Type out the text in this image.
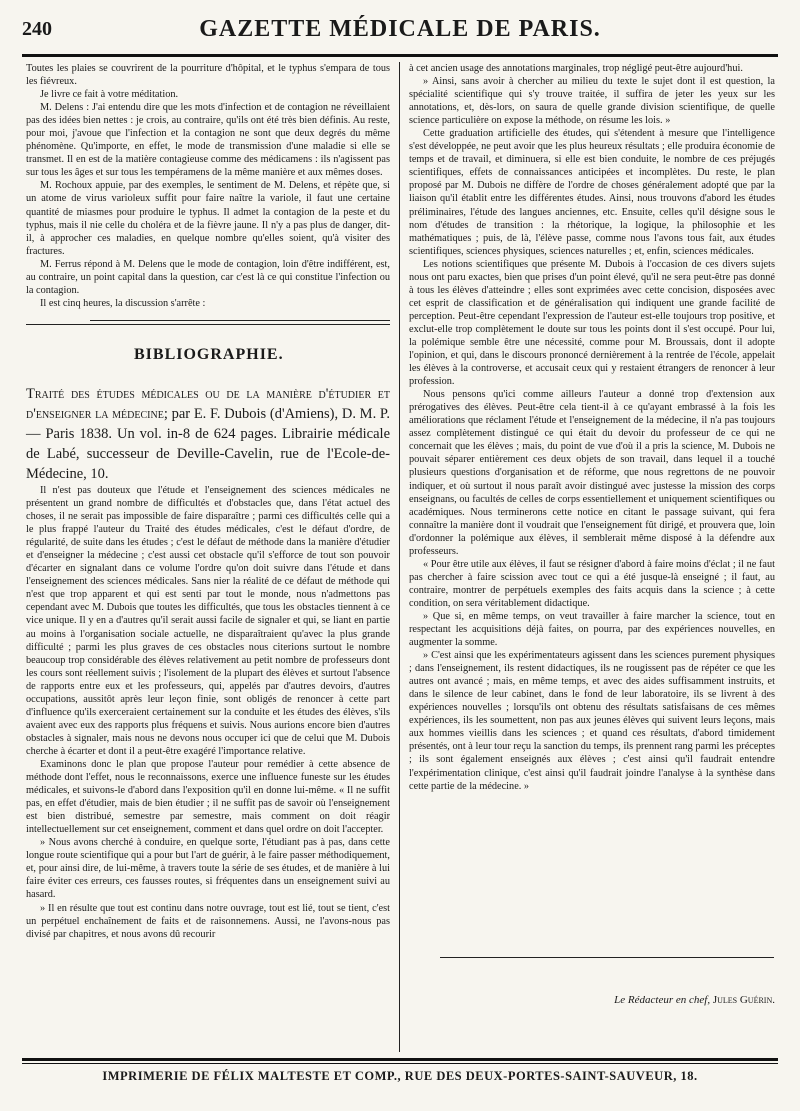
240	GAZETTE MÉDICALE DE PARIS.

Toutes les plaies se couvrirent de la pourriture d'hôpital, et le typhus s'empara de tous les fiévreux.

Je livre ce fait à votre méditation.

M. Delens : J'ai entendu dire que les mots d'infection et de contagion ne réveillaient pas des idées bien nettes : je crois, au contraire, qu'ils ont été très bien définis. Au reste, pour moi, j'avoue que l'infection et la contagion ne sont que deux degrés du même phénomène. Qu'importe, en effet, le mode de transmission d'une maladie si elle se transmet. Il en est de la matière contagieuse comme des médicamens : ils n'agissent pas sur tous les âges et sur tous les tempéramens de la même manière et aux mêmes doses.

M. Rochoux appuie, par des exemples, le sentiment de M. Delens, et répète que, si un atome de virus varioleux suffit pour faire naître la variole, il faut une certaine quantité de miasmes pour produire le typhus. Il admet la contagion de la peste et du typhus, mais il nie celle du choléra et de la fièvre jaune. Il n'y a pas plus de danger, dit-il, à approcher ces maladies, en quelque nombre qu'elles soient, qu'à visiter des fractures.

M. Ferrus répond à M. Delens que le mode de contagion, loin d'être indifférent, est, au contraire, un point capital dans la question, car c'est là ce qui constitue l'infection ou la contagion.

Il est cinq heures, la discussion s'arrête :

BIBLIOGRAPHIE.
Traité des études médicales ou de la manière d'étudier et d'enseigner la médecine; par E. F. Dubois (d'Amiens), D. M. P. — Paris 1838. Un vol. in-8 de 624 pages. Librairie médicale de Labé, successeur de Deville-Cavelin, rue de l'Ecole-de-Médecine, 10.

Il n'est pas douteux que l'étude et l'enseignement des sciences médicales ne présentent un grand nombre de difficultés et d'obstacles que, dans l'état actuel des choses, il ne serait pas impossible de faire disparaître ; parmi ces difficultés celle qui a le plus frappé l'auteur du Traité des études médicales, c'est le défaut d'ordre, de régularité, de suite dans les études ; c'est le défaut de méthode dans la manière d'étudier et d'enseigner la médecine ; c'est aussi cet obstacle qu'il s'efforce de tout son pouvoir d'écarter en signalant dans ce volume l'ordre qu'on doit suivre dans l'étude et dans l'enseignement des sciences médicales. Sans nier la réalité de ce défaut de méthode qui n'est que trop apparent et qui est senti par tout le monde, nous n'admettons pas cependant avec M. Dubois que toutes les difficultés, que tous les obstacles tiennent à ce vice unique. Il y en a d'autres qu'il serait aussi facile de signaler et qui, se liant en partie au moins à l'organisation sociale actuelle, ne disparaîtraient qu'avec la plus grande difficulté ; parmi les plus graves de ces obstacles nous citerions surtout le nombre beaucoup trop considérable des élèves relativement au petit nombre de professeurs dont les cours sont réellement suivis ; l'isolement de la plupart des élèves et surtout l'absence de rapports entre eux et les professeurs, qui, appelés par d'autres devoirs, d'autres occupations, aussitôt après leur leçon finie, sont obligés de renoncer à cette part d'influence qu'ils exerceraient certainement sur la conduite et les études des élèves, s'ils avaient avec eux des rapports plus fréquens et suivis. Nous aurions encore bien d'autres obstacles à signaler, mais nous ne devons nous occuper ici que de celui que M. Dubois cherche à écarter et dont il a peut-être exagéré l'importance relative.

Examinons donc le plan que propose l'auteur pour remédier à cette absence de méthode dont l'effet, nous le reconnaissons, exerce une influence funeste sur les études médicales, et suivons-le d'abord dans l'exposition qu'il en donne lui-même. « Il ne suffit pas, en effet d'étudier, mais de bien étudier ; il ne suffit pas de savoir où l'enseignement est bien distribué, semestre par semestre, mais comment on doit réagir intellectuellement sur cet enseignement, comment et dans quel ordre on doit l'accepter.

» Nous avons cherché à conduire, en quelque sorte, l'étudiant pas à pas, dans cette longue route scientifique qui a pour but l'art de guérir, à le faire passer méthodiquement, et, pour ainsi dire, de lui-même, à travers toute la série de ses études, et de manière à lui faire éviter ces erreurs, ces fausses routes, si fréquentes dans un enseignement suivi au hasard.

» Il en résulte que tout est continu dans notre ouvrage, tout est lié, tout se tient, c'est un perpétuel enchaînement de faits et de raisonnemens. Aussi, ne l'avons-nous pas divisé par chapitres, et nous avons dû recourir

à cet ancien usage des annotations marginales, trop négligé peut-être aujourd'hui.

» Ainsi, sans avoir à chercher au milieu du texte le sujet dont il est question, la spécialité scientifique qui s'y trouve traitée, il suffira de jeter les yeux sur les annotations, et, dès-lors, on saura de quelle grande division scientifique, de quelle science particulière on expose la méthode, on résume les lois. »

Cette graduation artificielle des études, qui s'étendent à mesure que l'intelligence s'est développée, ne peut avoir que les plus heureux résultats ; elle produira économie de temps et de travail, et diminuera, si elle est bien conduite, le nombre de ces préjugés scientifiques, effets de connaissances anticipées et incomplètes. Du reste, le plan proposé par M. Dubois ne diffère de l'ordre de choses généralement adopté que par la liaison qu'il établit entre les différentes études. Ainsi, nous trouvons d'abord les études préliminaires, l'étude des langues anciennes, etc. Ensuite, celles qu'il désigne sous le nom d'études de transition : la rhétorique, la logique, la philosophie et les mathématiques ; puis, de là, l'élève passe, comme nous l'avons tous fait, aux études scientifiques, sciences physiques, sciences naturelles ; et, enfin, sciences médicales.

Les notions scientifiques que présente M. Dubois à l'occasion de ces divers sujets nous ont paru exactes, bien que prises d'un point élevé, qu'il ne sera peut-être pas donné à tous les élèves d'atteindre ; elles sont exprimées avec cette concision, disposées avec cet esprit de classification et de généralisation qui indiquent une grande facilité de perception. Peut-être cependant l'expression de l'auteur est-elle toujours trop positive, et exclut-elle trop complètement le doute sur tous les points dont il s'est occupé. Pour lui, la polémique semble être une nécessité, comme pour M. Broussais, dont il adopte l'opinion, et qui, dans le discours prononcé dernièrement à la rentrée de l'école, appelait les élèves à la controverse, et accusait ceux qui y restaient étrangers de renoncer à leur profession.

Nous pensons qu'ici comme ailleurs l'auteur a donné trop d'extension aux prérogatives des élèves. Peut-être cela tient-il à ce qu'ayant embrassé à la fois les améliorations que réclament l'étude et l'enseignement de la médecine, il n'a pas toujours assez complètement distingué ce qui était du devoir du professeur de ce qui ne concernait que les élèves ; mais, du point de vue d'où il a pris la science, M. Dubois ne pouvait séparer entièrement ces deux objets de son travail, dans lequel il a touché plusieurs questions d'organisation et de réforme, que nous regrettons de ne pouvoir indiquer, et où surtout il nous paraît avoir distingué avec justesse la mission des corps enseignans, ou facultés de celles de corps essentiellement et uniquement scientifiques ou académiques. Nous terminerons cette notice en citant le passage suivant, qui fera connaître la manière dont il voudrait que l'enseignement fût dirigé, et prouvera que, loin d'ordonner la polémique aux élèves, il semblerait même disposé à la défendre aux professeurs.

« Pour être utile aux élèves, il faut se résigner d'abord à faire moins d'éclat ; il ne faut pas chercher à faire scission avec tout ce qui a été jusque-là enseigné ; il faut, au contraire, montrer de perpétuels exemples des faits acquis dans la science ; à cette condition, on sera véritablement didactique.

» Que si, en même temps, on veut travailler à faire marcher la science, tout en respectant les acquisitions déjà faites, on pourra, par des expériences nouvelles, en augmenter la somme.

» C'est ainsi que les expérimentateurs agissent dans les sciences purement physiques ; dans l'enseignement, ils restent didactiques, ils ne rougissent pas de répéter ce que les autres ont avancé ; mais, en même temps, et avec des aides suffisamment instruits, et dans le silence de leur cabinet, dans le fond de leur laboratoire, ils se livrent à des expériences nouvelles ; lorsqu'ils ont obtenu des résultats satisfaisans de ces mêmes expériences, ils les soumettent, non pas aux jeunes élèves qui suivent leurs leçons, mais aux hommes vieillis dans les sciences ; et quand ces résultats, d'abord timidement présentés, ont à leur tour reçu la sanction du temps, ils prennent rang parmi les préceptes ; ils sont également enseignés aux élèves ; c'est ainsi qu'il faudrait entendre l'expérimentation clinique, c'est ainsi qu'il faudrait joindre l'analyse à la synthèse dans cette partie de la médecine. »

Le Rédacteur en chef, Jules Guérin.
IMPRIMERIE DE FÉLIX MALTESTE ET COMP., RUE DES DEUX-PORTES-SAINT-SAUVEUR, 18.
